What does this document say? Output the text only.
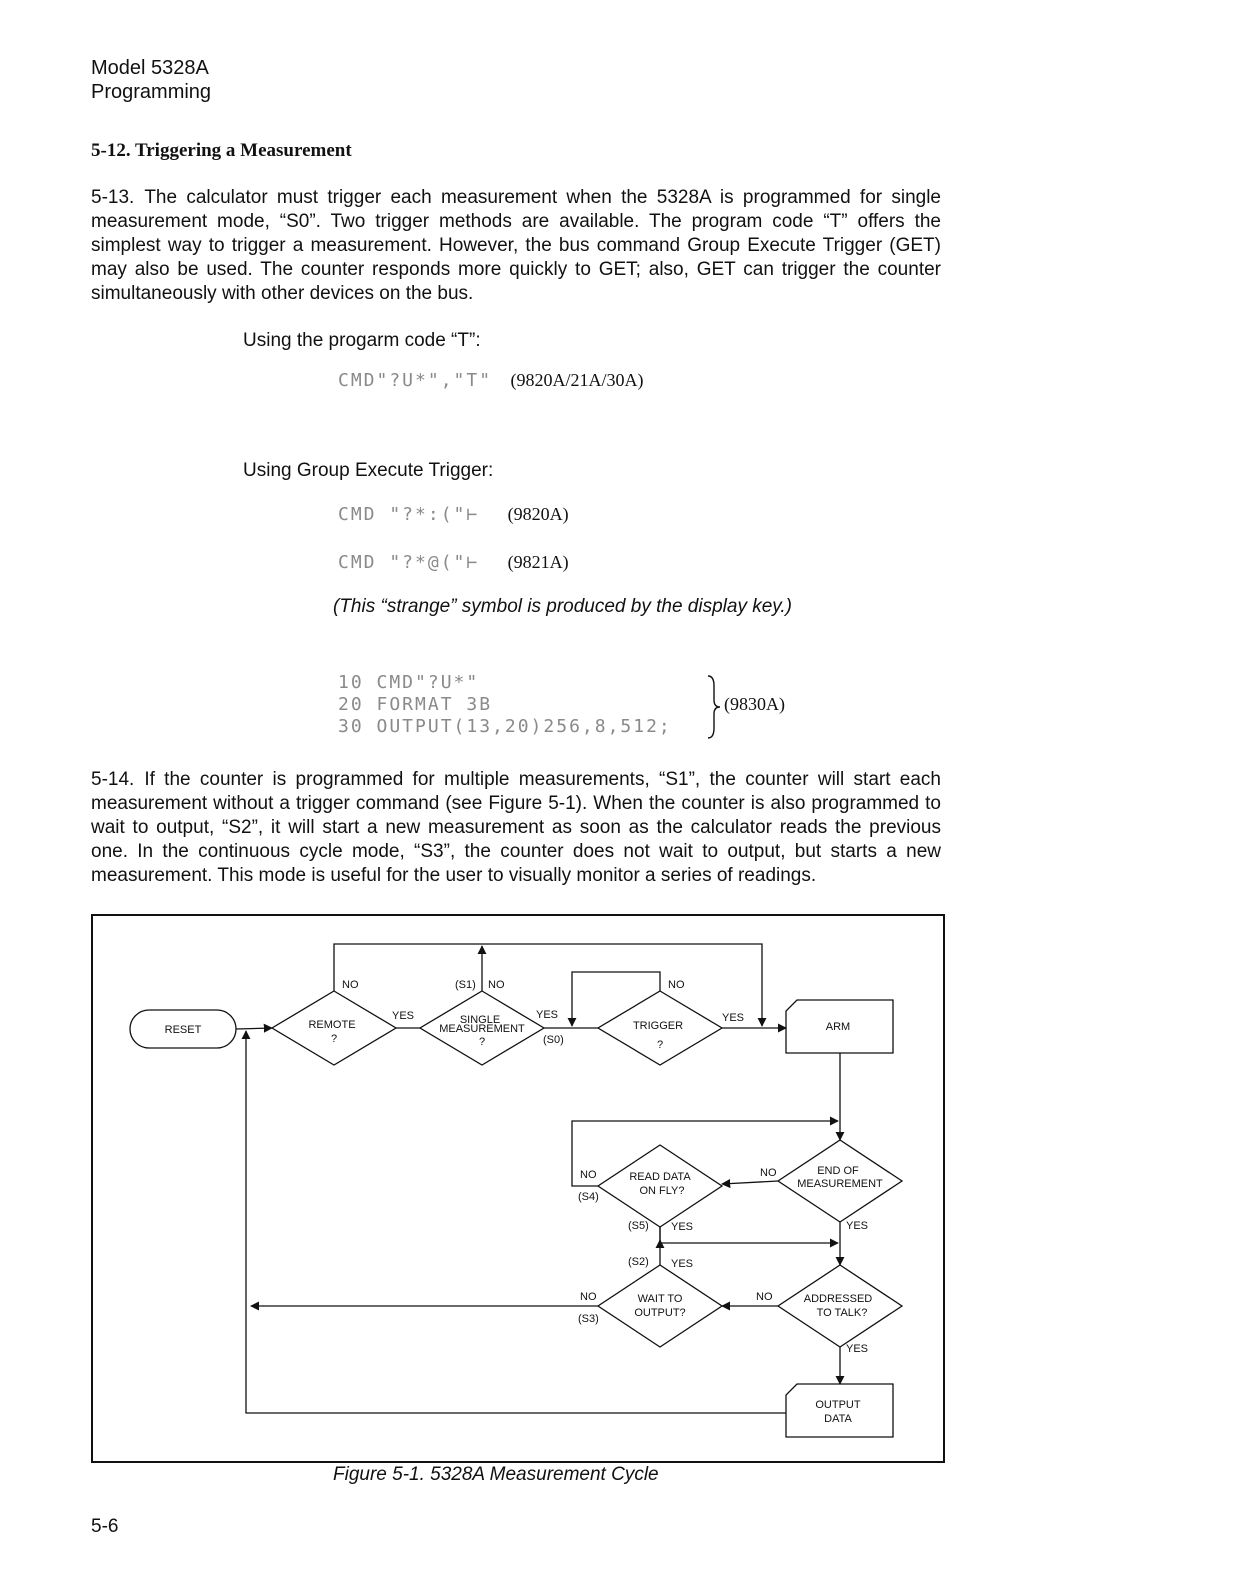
Model 5328A
Programming
5-12. Triggering a Measurement
5-13. The calculator must trigger each measurement when the 5328A is programmed for single measurement mode, “S0”. Two trigger methods are available. The program code “T” offers the simplest way to trigger a measurement. However, the bus command Group Execute Trigger (GET) may also be used. The counter responds more quickly to GET; also, GET can trigger the counter simultaneously with other devices on the bus.
Using the progarm code “T”:
CMD"?U*","T" (9820A/21A/30A)
Using Group Execute Trigger:
CMD "?*:("⊢ (9820A)
CMD "?*@("⊢ (9821A)
(This “strange” symbol is produced by the display key.)
10 CMD"?U*"
20 FORMAT 3B
30 OUTPUT(13,20)256,8,512;
(9830A)
5-14. If the counter is programmed for multiple measurements, “S1”, the counter will start each measurement without a trigger command (see Figure 5-1). When the counter is also programmed to wait to output, “S2”, it will start a new measurement as soon as the calculator reads the previous one. In the continuous cycle mode, “S3”, the counter does not wait to output, but starts a new measurement. This mode is useful for the user to visually monitor a series of readings.
RESET	REMOTE
?
SINGLE
MEASUREMENT
?
TRIGGER
?
ARM
END OF
MEASUREMENT
READ DATA
ON FLY?
WAIT TO
OUTPUT?
ADDRESSED
TO TALK?
OUTPUT
DATA
NO
YES
(S1) NO
YES
(S0)
NO
YES
NO
NO
(S4)
YES
(S5) YES
(S2) YES
NO
NO
(S3)
YES
Figure 5-1. 5328A Measurement Cycle
5-6
